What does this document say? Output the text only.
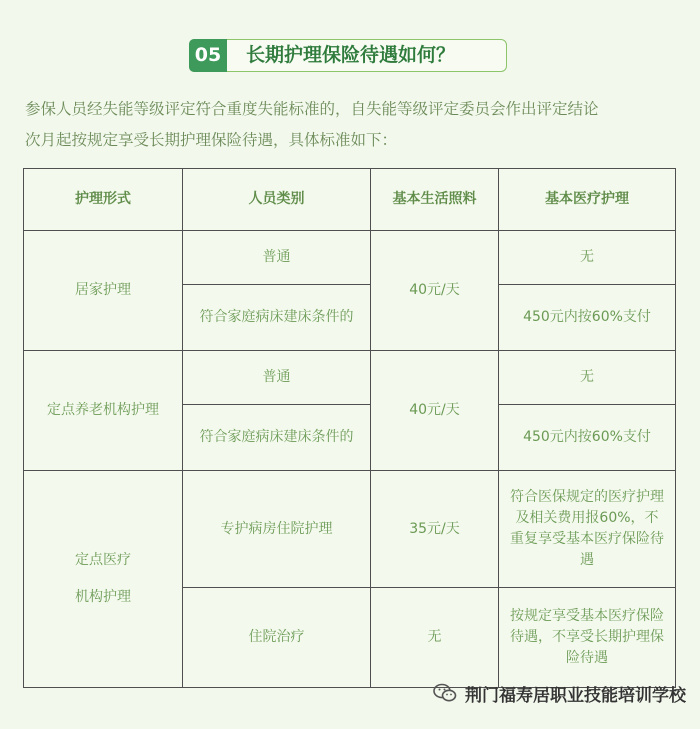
05	长期护理保险待遇如何？

参保人员经失能等级评定符合重度失能标准的，自失能等级评定委员会作出评定结论

次月起按规定享受长期护理保险待遇，具体标准如下：

护理形式	人员类别	基本生活照料	基本医疗护理
居家护理	普通	40元/天	无
	符合家庭病床建床条件的		450元内按60%支付
定点养老机构护理	普通	40元/天	无
	符合家庭病床建床条件的		450元内按60%支付

定点医疗
机构护理	专护病房住院护理	35元/天	符合医保规定的医疗护理及相关费用报60%，不重复享受基本医疗保险待遇
	住院治疗	无	按规定享受基本医疗保险待遇，不享受长期护理保险待遇
荆门福寿居职业技能培训学校
